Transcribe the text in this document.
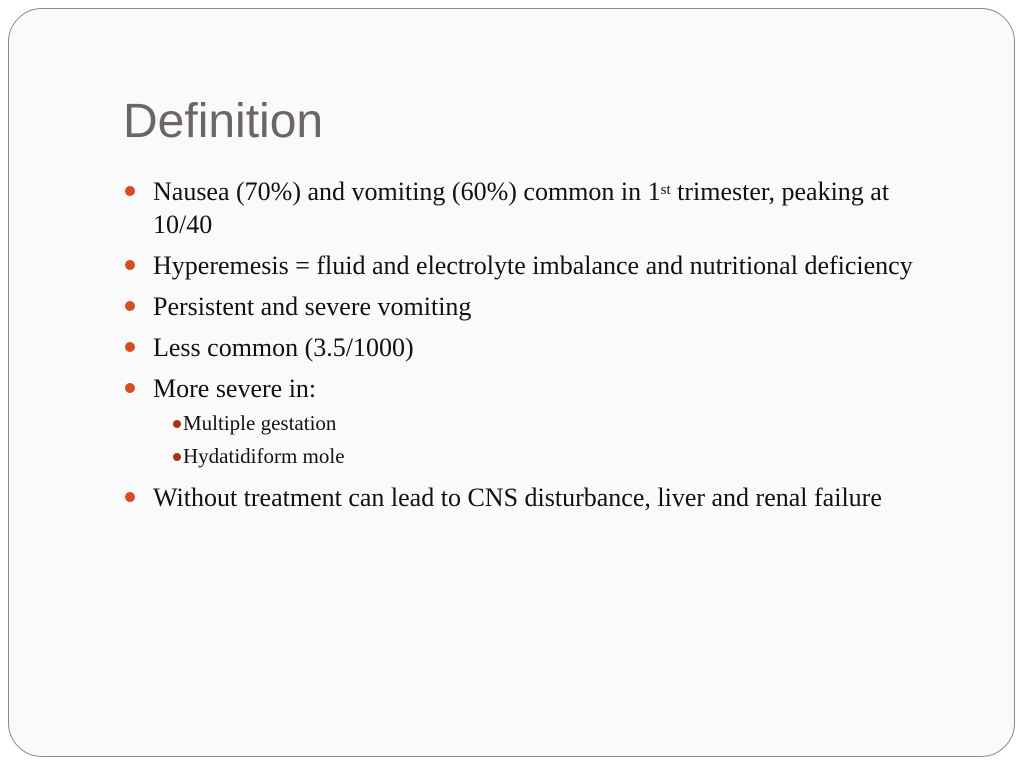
Definition
Nausea (70%) and vomiting (60%) common in 1st trimester, peaking at 10/40
Hyperemesis = fluid and electrolyte imbalance and nutritional deficiency
Persistent and severe vomiting
Less common (3.5/1000)
More severe in:
Multiple gestation
Hydatidiform mole
Without treatment can lead to CNS disturbance, liver and renal failure
